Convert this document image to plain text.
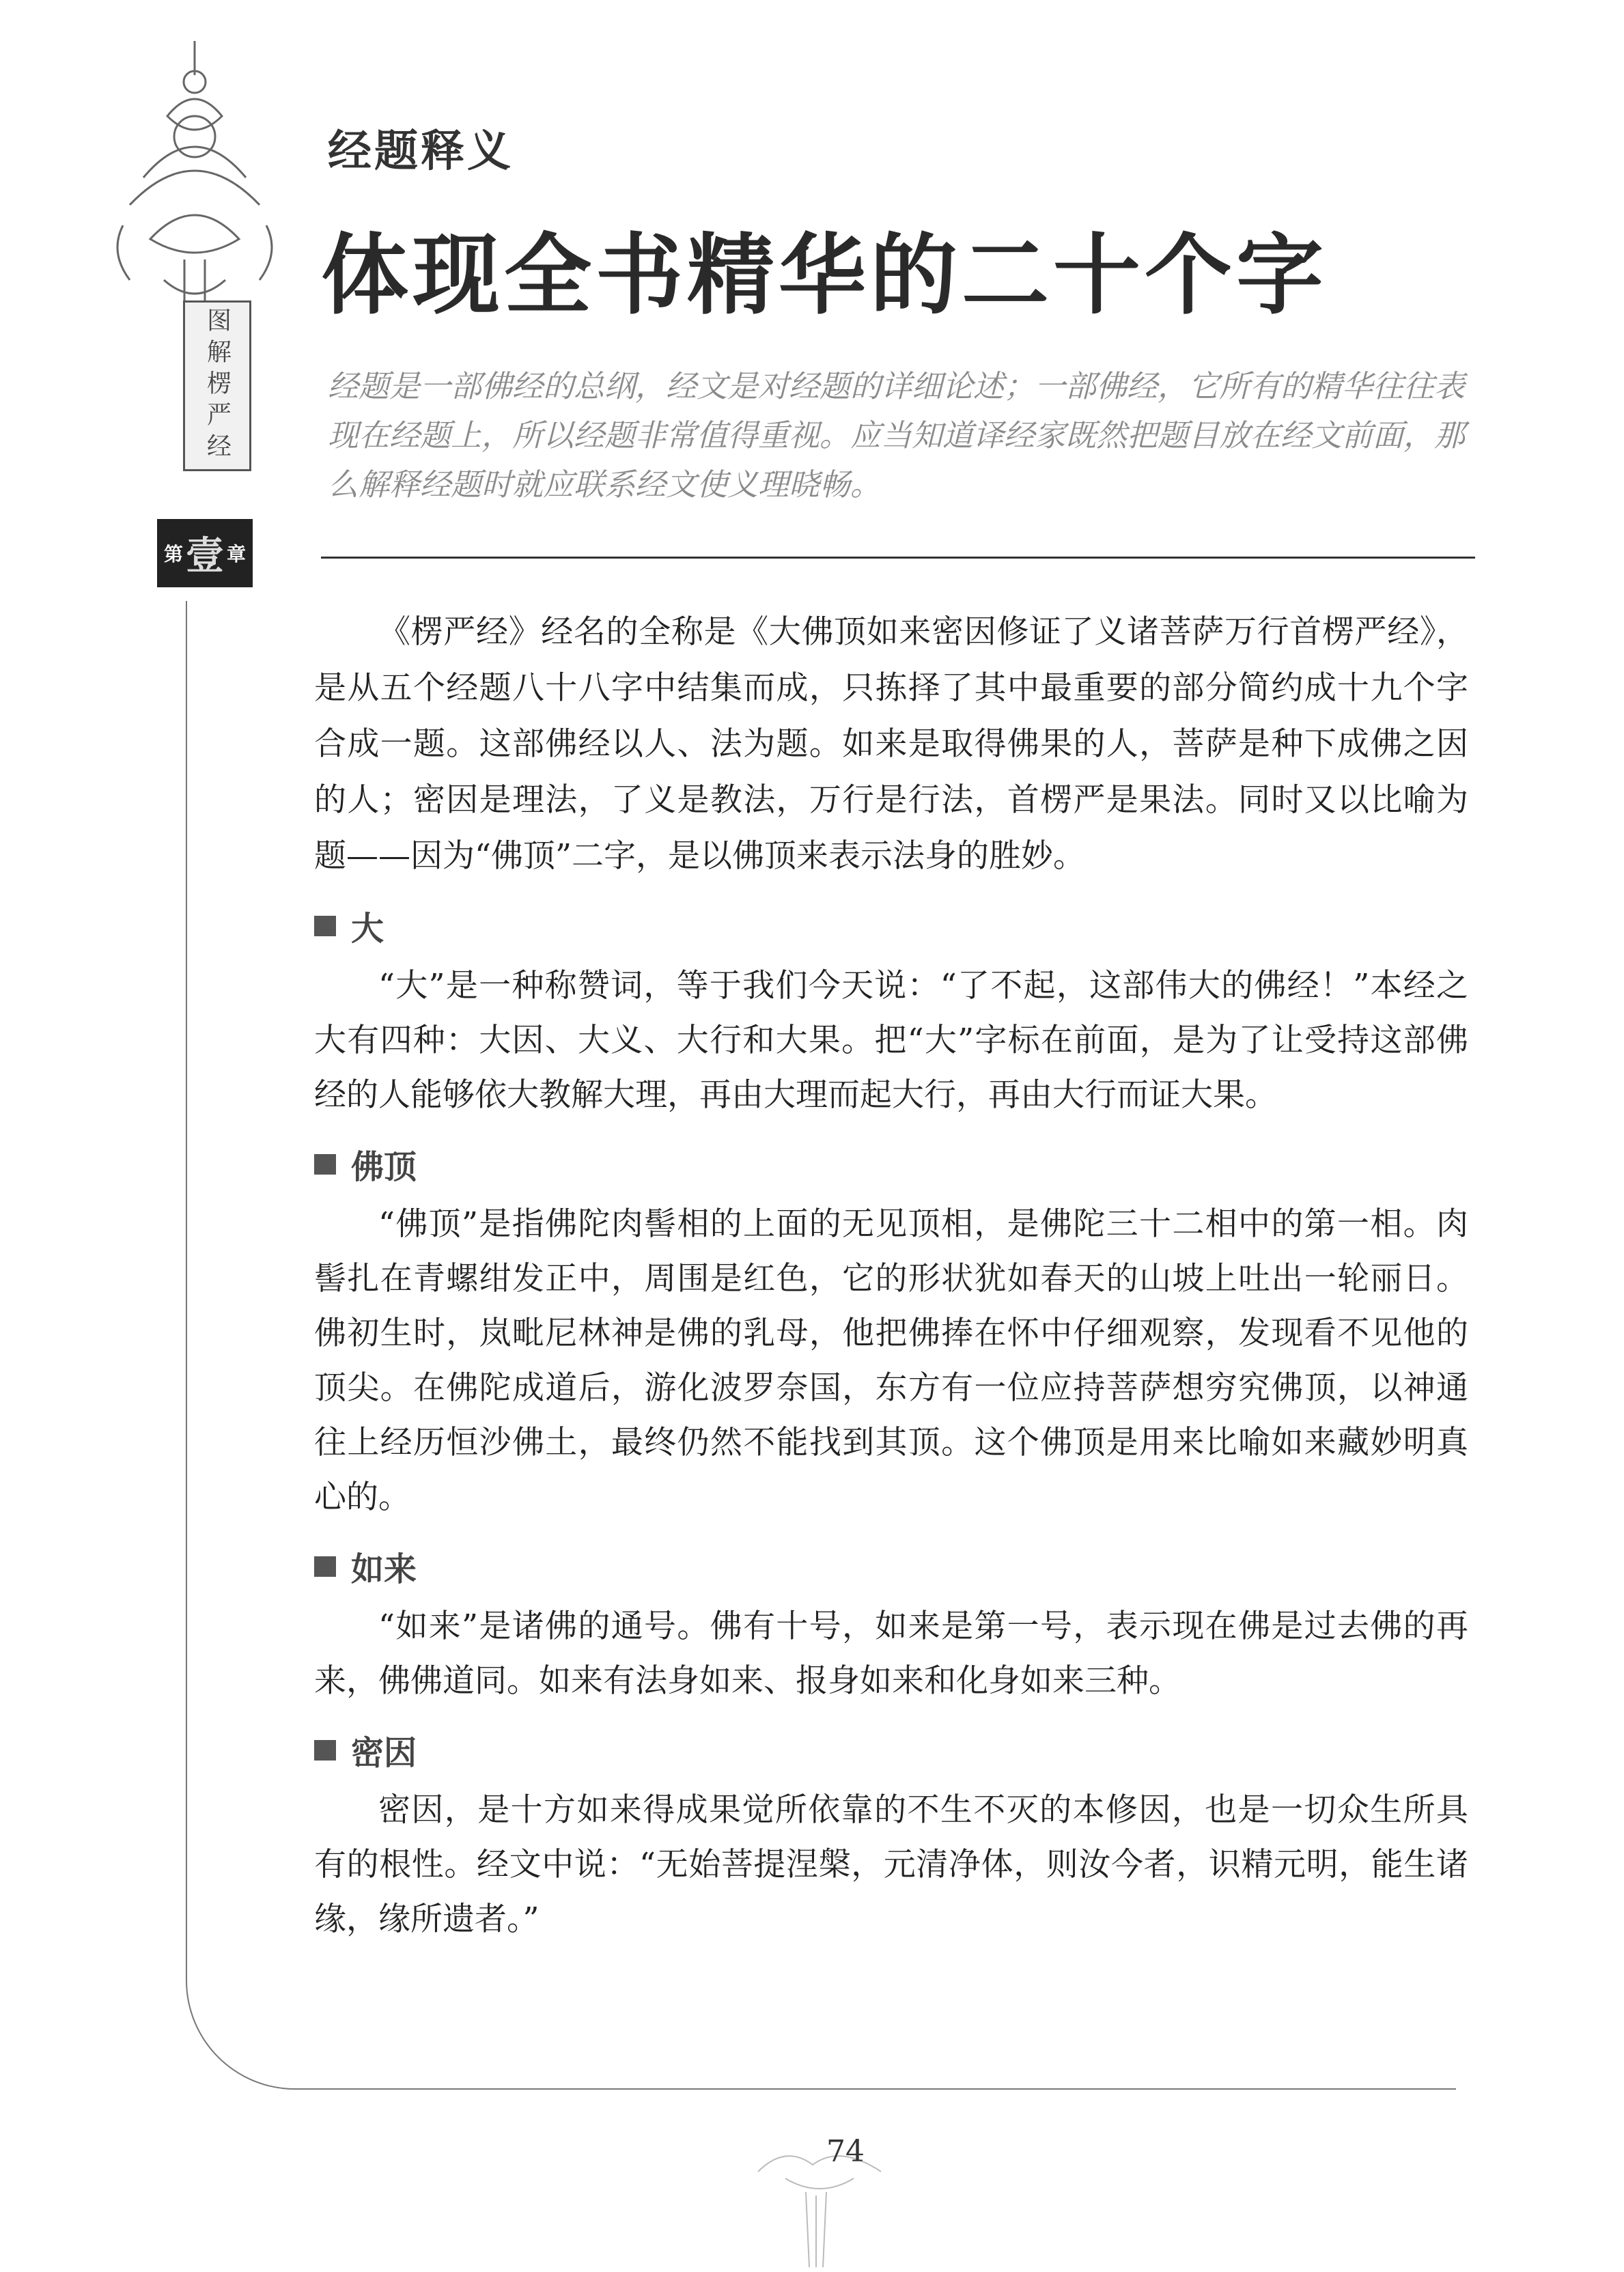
图解楞严经
第 壹 章
经题释义
体现全书精华的二十个字
经题是一部佛经的总纲，经文是对经题的详细论述；一部佛经，它所有的精华往往表现在经题上，所以经题非常值得重视。应当知道译经家既然把题目放在经文前面，那么解释经题时就应联系经文使义理晓畅。

《楞严经》经名的全称是《大佛顶如来密因修证了义诸菩萨万行首楞严经》，是从五个经题八十八字中结集而成，只拣择了其中最重要的部分简约成十九个字合成一题。这部佛经以人、法为题。如来是取得佛果的人，菩萨是种下成佛之因的人；密因是理法，了义是教法，万行是行法，首楞严是果法。同时又以比喻为题——因为“佛顶”二字，是以佛顶来表示法身的胜妙。

大

“大”是一种称赞词，等于我们今天说：“了不起，这部伟大的佛经！”本经之大有四种：大因、大义、大行和大果。把“大”字标在前面，是为了让受持这部佛经的人能够依大教解大理，再由大理而起大行，再由大行而证大果。

佛顶

“佛顶”是指佛陀肉髻相的上面的无见顶相，是佛陀三十二相中的第一相。肉髻扎在青螺绀发正中，周围是红色，它的形状犹如春天的山坡上吐出一轮丽日。佛初生时，岚毗尼林神是佛的乳母，他把佛捧在怀中仔细观察，发现看不见他的顶尖。在佛陀成道后，游化波罗奈国，东方有一位应持菩萨想穷究佛顶，以神通往上经历恒沙佛土，最终仍然不能找到其顶。这个佛顶是用来比喻如来藏妙明真心的。

如来

“如来”是诸佛的通号。佛有十号，如来是第一号，表示现在佛是过去佛的再来，佛佛道同。如来有法身如来、报身如来和化身如来三种。

密因

密因，是十方如来得成果觉所依靠的不生不灭的本修因，也是一切众生所具有的根性。经文中说：“无始菩提涅槃，元清净体，则汝今者，识精元明，能生诸缘，缘所遗者。”

74
